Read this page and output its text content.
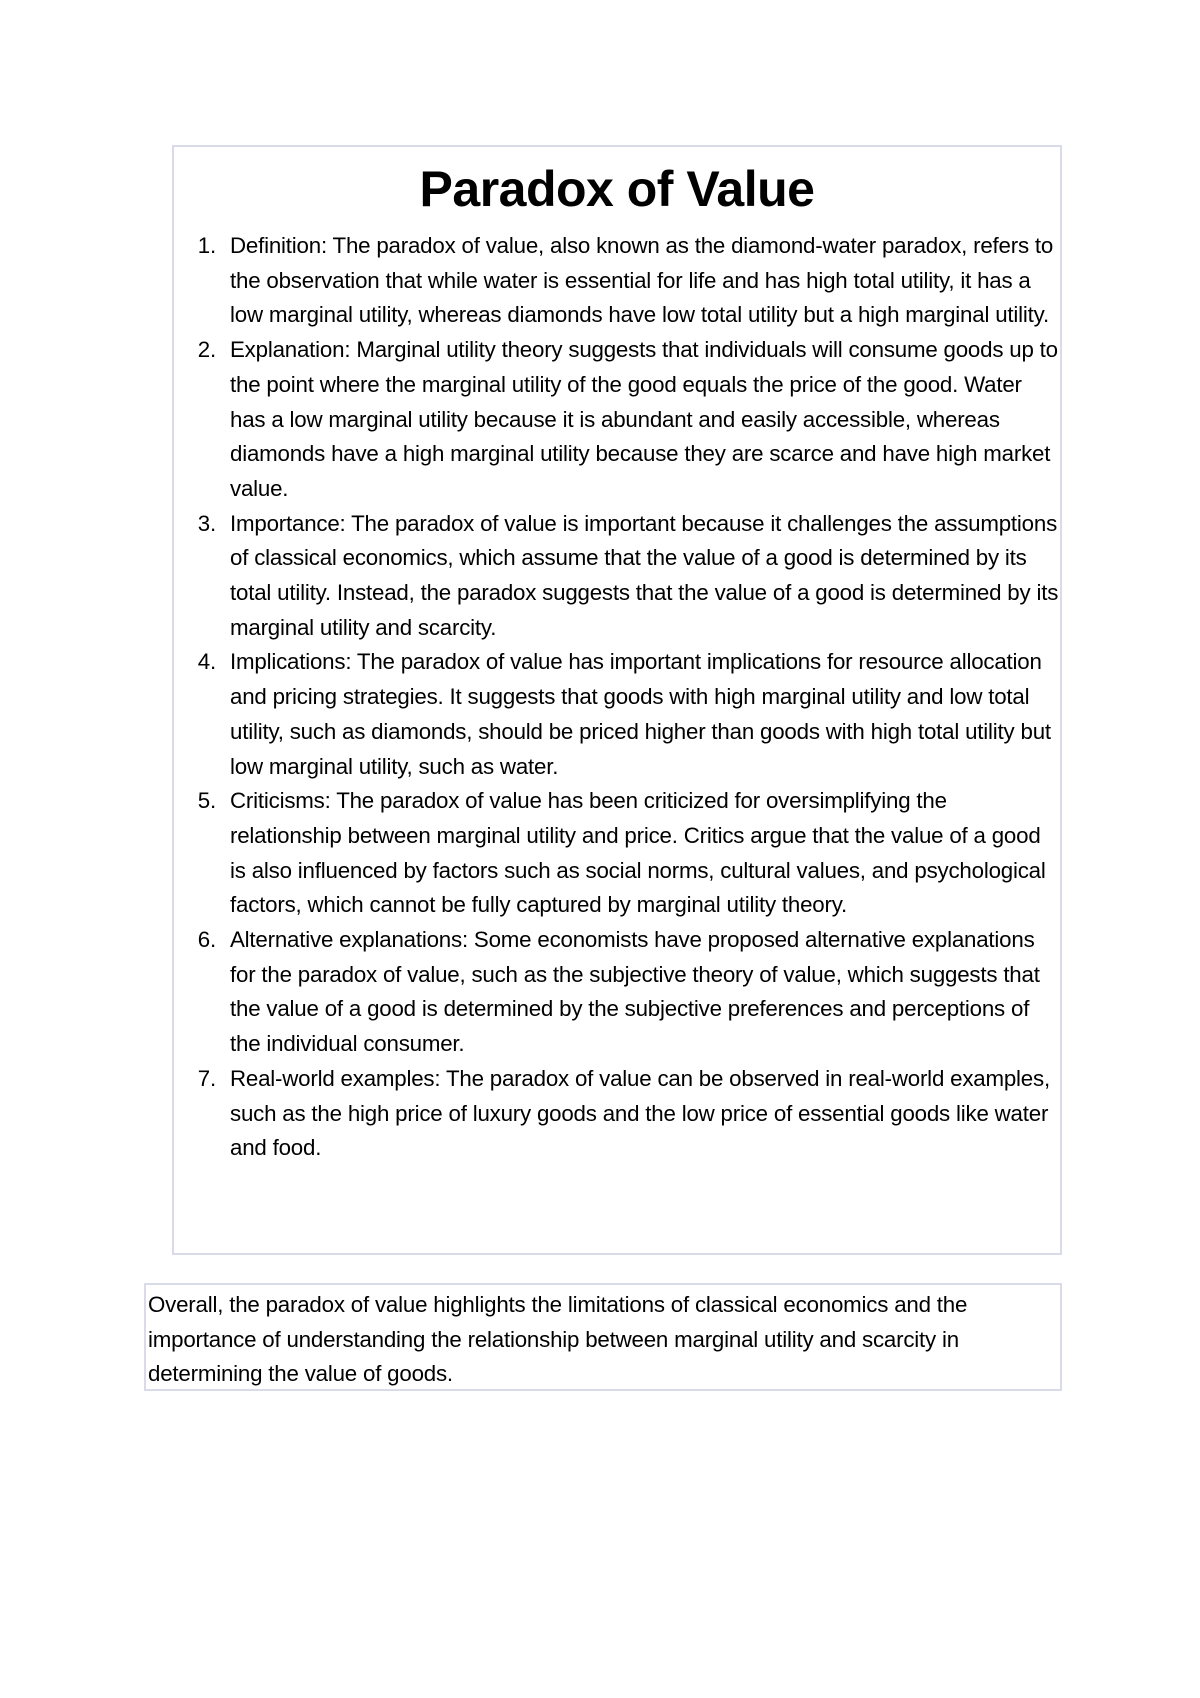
Paradox of Value
1. Definition: The paradox of value, also known as the diamond-water paradox, refers to the observation that while water is essential for life and has high total utility, it has a low marginal utility, whereas diamonds have low total utility but a high marginal utility.
2. Explanation: Marginal utility theory suggests that individuals will consume goods up to the point where the marginal utility of the good equals the price of the good. Water has a low marginal utility because it is abundant and easily accessible, whereas diamonds have a high marginal utility because they are scarce and have high market value.
3. Importance: The paradox of value is important because it challenges the assumptions of classical economics, which assume that the value of a good is determined by its total utility. Instead, the paradox suggests that the value of a good is determined by its marginal utility and scarcity.
4. Implications: The paradox of value has important implications for resource allocation and pricing strategies. It suggests that goods with high marginal utility and low total utility, such as diamonds, should be priced higher than goods with high total utility but low marginal utility, such as water.
5. Criticisms: The paradox of value has been criticized for oversimplifying the relationship between marginal utility and price. Critics argue that the value of a good is also influenced by factors such as social norms, cultural values, and psychological factors, which cannot be fully captured by marginal utility theory.
6. Alternative explanations: Some economists have proposed alternative explanations for the paradox of value, such as the subjective theory of value, which suggests that the value of a good is determined by the subjective preferences and perceptions of the individual consumer.
7. Real-world examples: The paradox of value can be observed in real-world examples, such as the high price of luxury goods and the low price of essential goods like water and food.

Overall, the paradox of value highlights the limitations of classical economics and the importance of understanding the relationship between marginal utility and scarcity in determining the value of goods.
